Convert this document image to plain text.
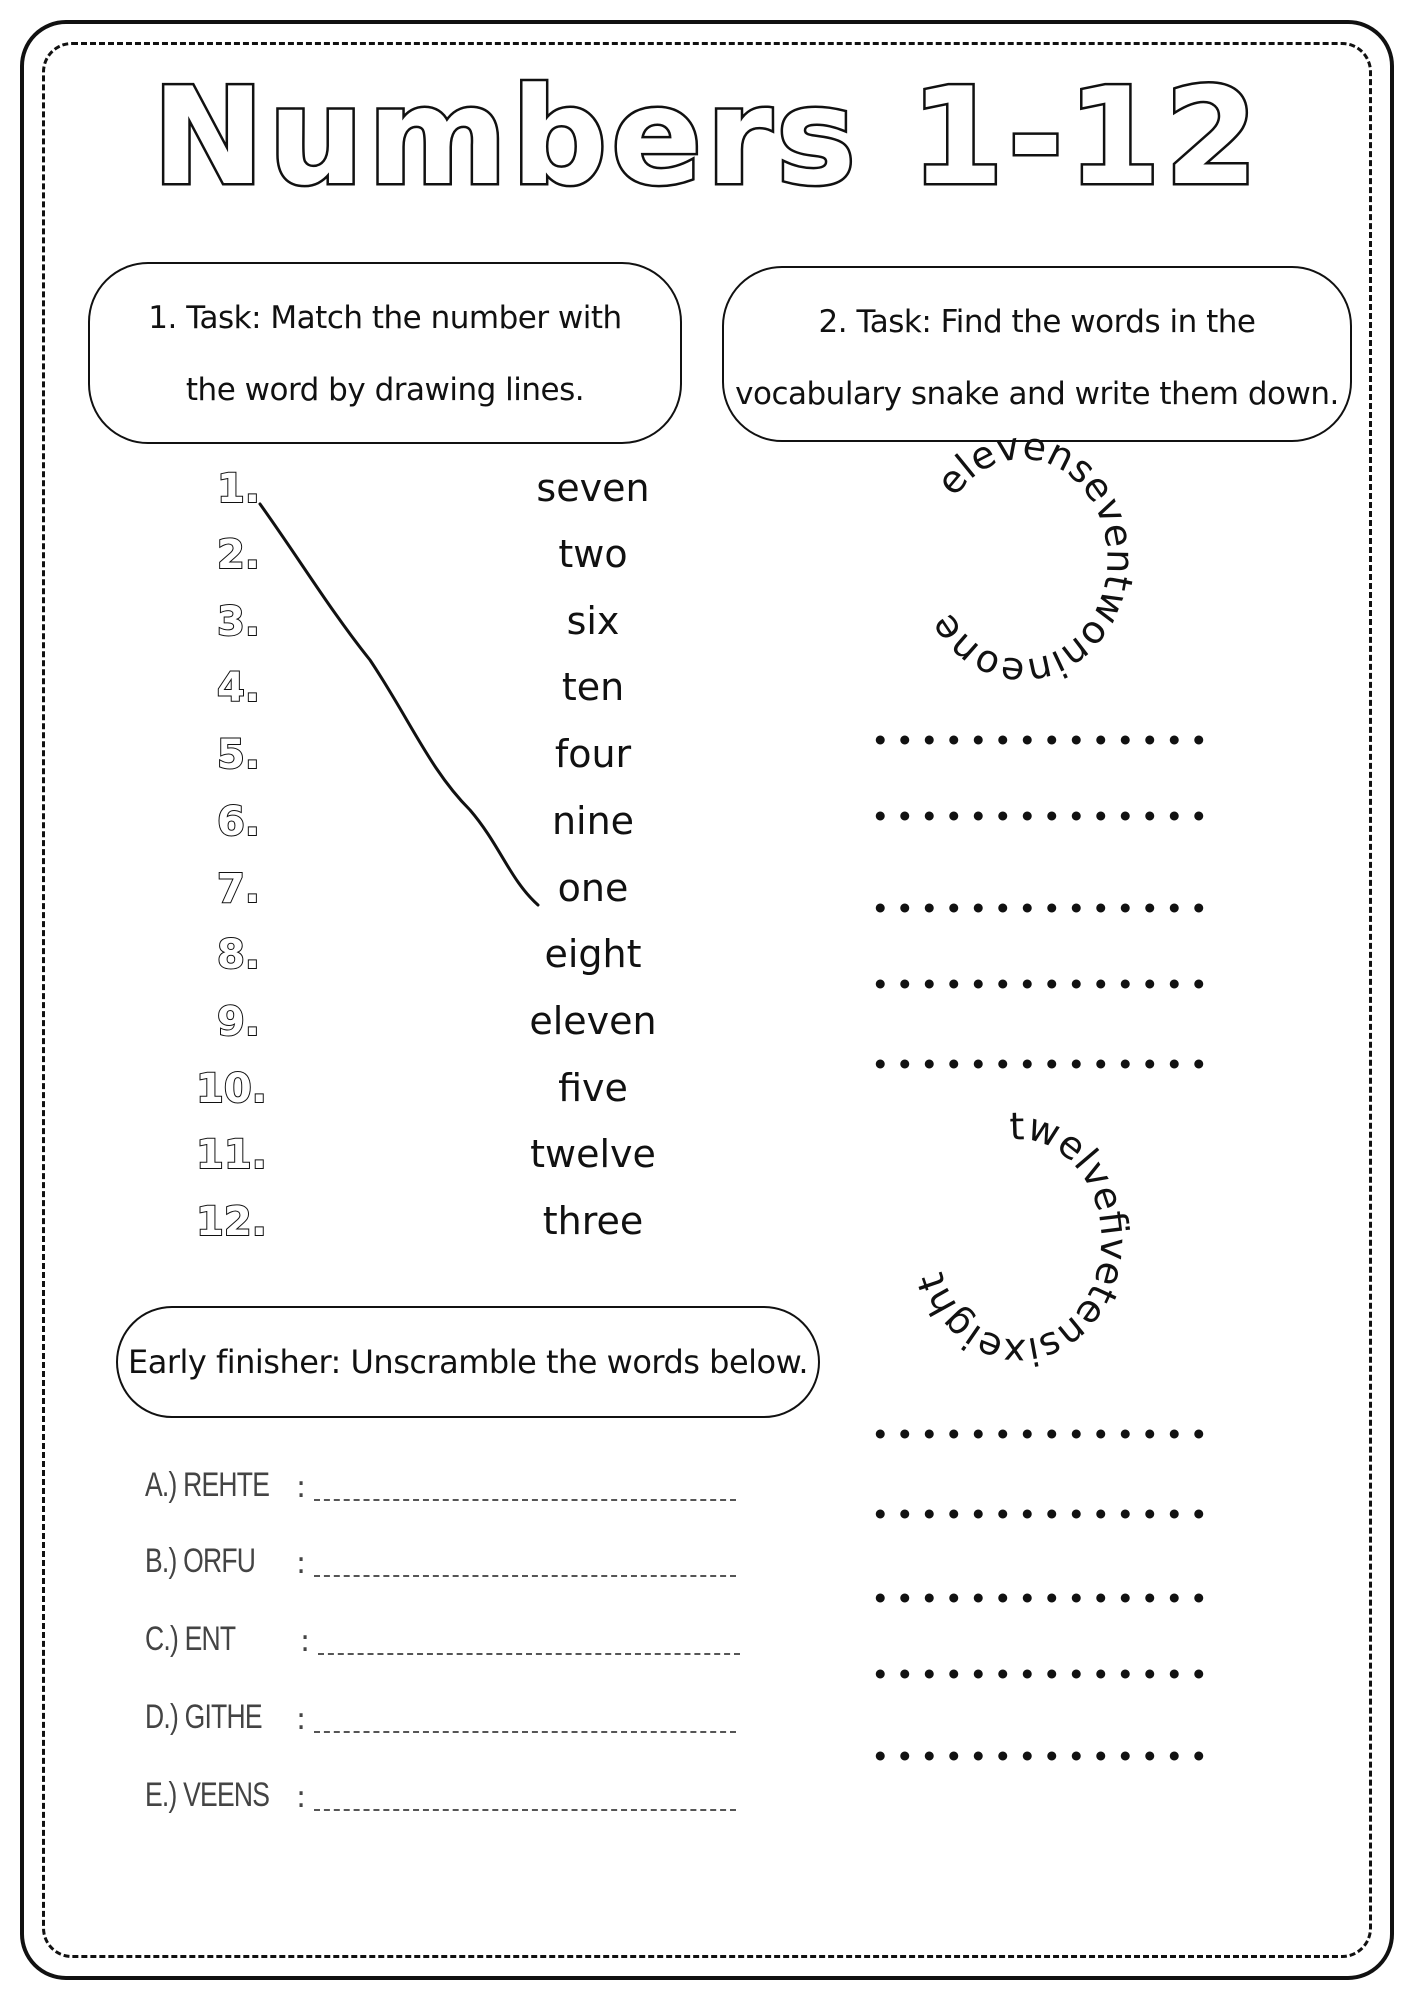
Numbers 1-12
1. Task: Match the number with
the word by drawing lines.
2. Task: Find the words in the
vocabulary snake and write them down.
1.
2.
3.
4.
5.
6.
7.
8.
9.
10.
11.
12.
seven
two
six
ten
four
nine
one
eight
eleven
five
twelve
three
elevenseventwonineone
twelvefivetensixeight
Early finisher: Unscramble the words below.
A.) REHTE :
B.) ORFU :
C.) ENT :
D.) GITHE :
E.) VEENS :
